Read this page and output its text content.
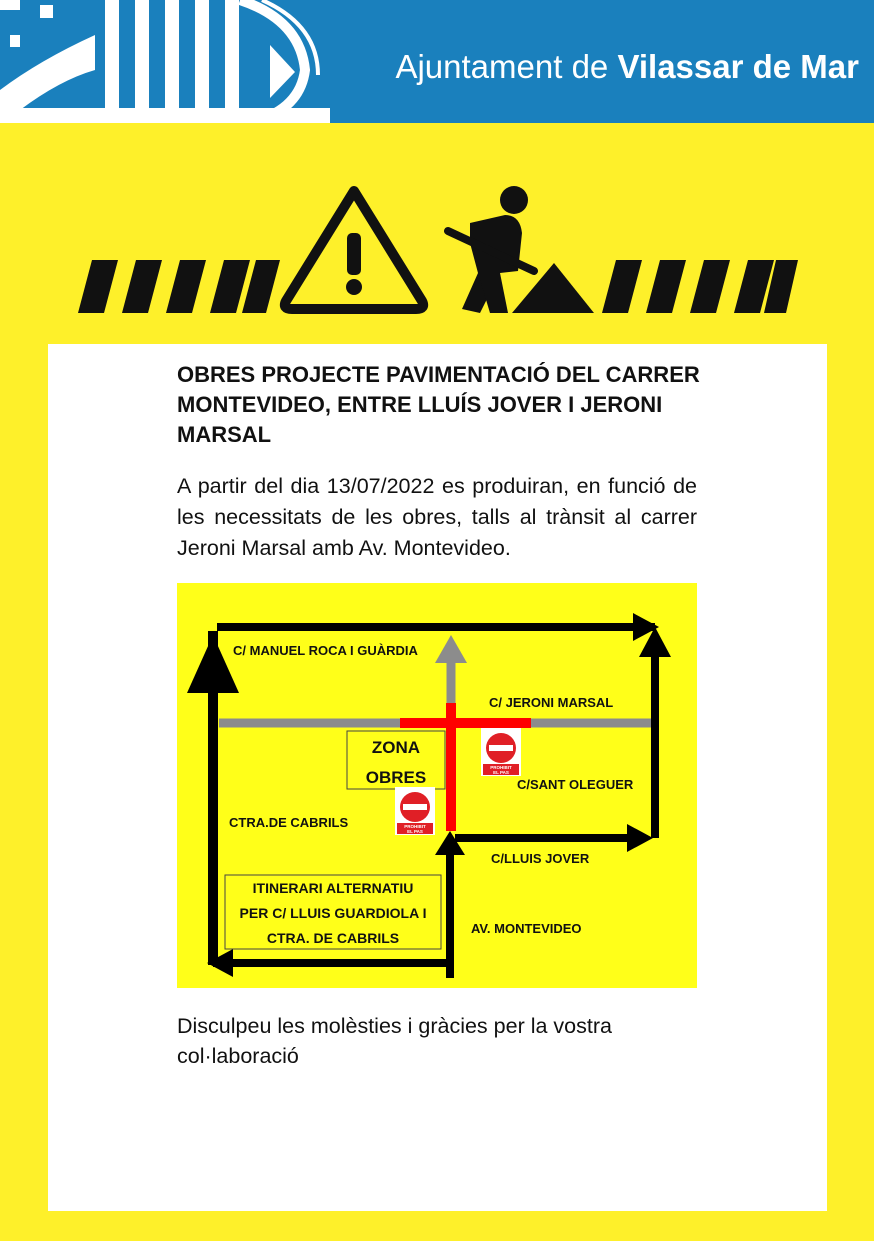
Ajuntament de Vilassar de Mar

OBRES PROJECTE PAVIMENTACIÓ DEL CARRER MONTEVIDEO, ENTRE LLUÍS JOVER I JERONI MARSAL

A partir del dia 13/07/2022 es produiran, en funció de les necessitats de les obres, talls al trànsit al carrer Jeroni Marsal amb Av. Montevideo.

ZONA
OBRES
PROHIBIT
EL PAS
PROHIBIT
EL PAS
C/ MANUEL ROCA I GUÀRDIA
C/ JERONI MARSAL
C/SANT OLEGUER
CTRA.DE CABRILS
C/LLUIS JOVER
AV. MONTEVIDEO
ITINERARI ALTERNATIU
PER C/ LLUIS GUARDIOLA I
CTRA. DE CABRILS

Disculpeu les molèsties i gràcies per la vostra
col·laboració
